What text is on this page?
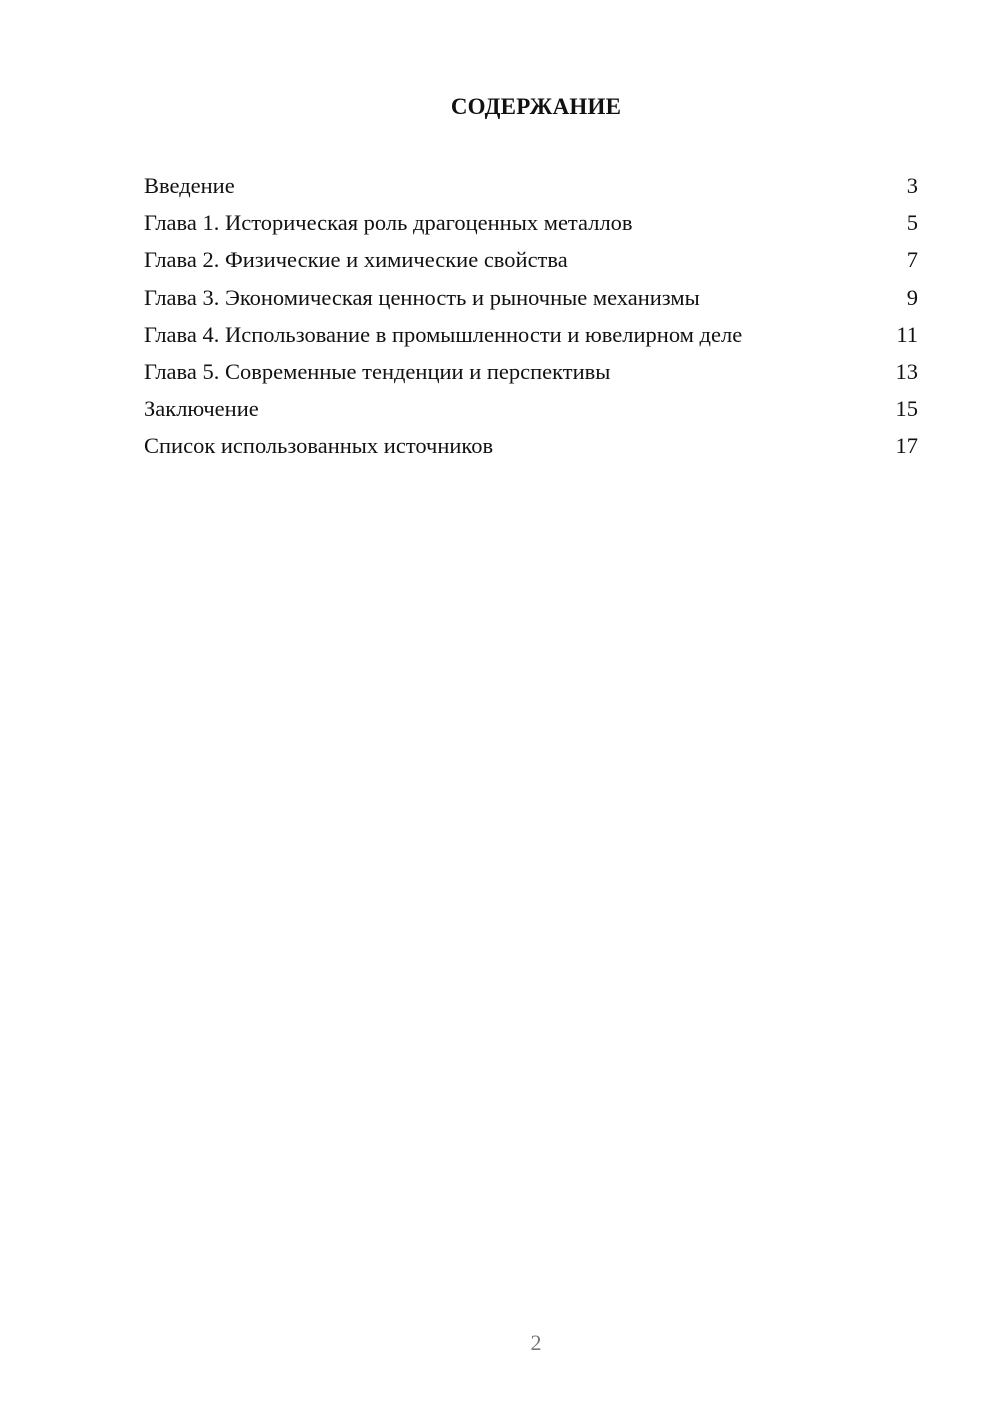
СОДЕРЖАНИЕ
Введение	3
Глава 1. Историческая роль драгоценных металлов	5
Глава 2. Физические и химические свойства	7
Глава 3. Экономическая ценность и рыночные механизмы	9
Глава 4. Использование в промышленности и ювелирном деле	11
Глава 5. Современные тенденции и перспективы	13
Заключение	15
Список использованных источников	17
2
